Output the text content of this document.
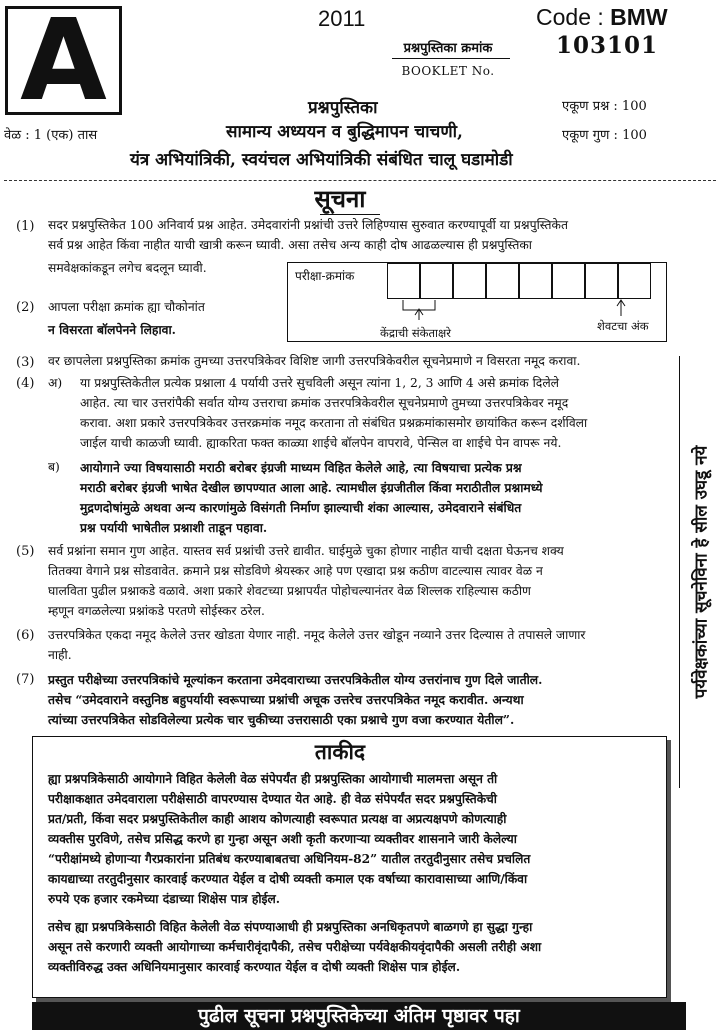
A	2011	Code : BMW
प्रश्नपुस्तिका क्रमांक	103101
BOOKLET No.
प्रश्नपुस्तिका	एकूण प्रश्न : 100
वेळ : 1 (एक) तास	सामान्य अध्ययन व बुद्धिमापन चाचणी,	एकूण गुण : 100
यंत्र अभियांत्रिकी, स्वयंचल अभियांत्रिकी संबंधित चालू घडामोडी
सूचना
(1) सदर प्रश्नपुस्तिकेत 100 अनिवार्य प्रश्न आहेत. उमेदवारांनी प्रश्नांची उत्तरे लिहिण्यास सुरुवात करण्यापूर्वी या प्रश्नपुस्तिकेत
सर्व प्रश्न आहेत किंवा नाहीत याची खात्री करून घ्यावी. असा तसेच अन्य काही दोष आढळल्यास ही प्रश्नपुस्तिका
समवेक्षकांकडून लगेच बदलून घ्यावी.
परीक्षा-क्रमांक
केंद्राची संकेताक्षरे	शेवटचा अंक
(2) आपला परीक्षा क्रमांक ह्या चौकोनांत
न विसरता बॉलपेनने लिहावा.
(3) वर छापलेला प्रश्नपुस्तिका क्रमांक तुमच्या उत्तरपत्रिकेवर विशिष्ट जागी उत्तरपत्रिकेवरील सूचनेप्रमाणे न विसरता नमूद करावा.
(4) अ) या प्रश्नपुस्तिकेतील प्रत्येक प्रश्नाला 4 पर्यायी उत्तरे सुचविली असून त्यांना 1, 2, 3 आणि 4 असे क्रमांक दिलेले
आहेत. त्या चार उत्तरांपैकी सर्वात योग्य उत्तराचा क्रमांक उत्तरपत्रिकेवरील सूचनेप्रमाणे तुमच्या उत्तरपत्रिकेवर नमूद
करावा. अशा प्रकारे उत्तरपत्रिकेवर उत्तरक्रमांक नमूद करताना तो संबंधित प्रश्नक्रमांकासमोर छायांकित करून दर्शविला
जाईल याची काळजी घ्यावी. ह्याकरिता फक्त काळ्या शाईचे बॉलपेन वापरावे, पेन्सिल वा शाईचे पेन वापरू नये.
ब) आयोगाने ज्या विषयासाठी मराठी बरोबर इंग्रजी माध्यम विहित केलेले आहे, त्या विषयाचा प्रत्येक प्रश्न
मराठी बरोबर इंग्रजी भाषेत देखील छापण्यात आला आहे. त्यामधील इंग्रजीतील किंवा मराठीतील प्रश्नामध्ये
मुद्रणदोषांमुळे अथवा अन्य कारणांमुळे विसंगती निर्माण झाल्याची शंका आल्यास, उमेदवाराने संबंधित
प्रश्न पर्यायी भाषेतील प्रश्नाशी ताडून पहावा.
(5) सर्व प्रश्नांना समान गुण आहेत. यास्तव सर्व प्रश्नांची उत्तरे द्यावीत. घाईमुळे चुका होणार नाहीत याची दक्षता घेऊनच शक्य
तितक्या वेगाने प्रश्न सोडवावेत. क्रमाने प्रश्न सोडविणे श्रेयस्कर आहे पण एखादा प्रश्न कठीण वाटल्यास त्यावर वेळ न
घालविता पुढील प्रश्नाकडे वळावे. अशा प्रकारे शेवटच्या प्रश्नापर्यंत पोहोचल्यानंतर वेळ शिल्लक राहिल्यास कठीण
म्हणून वगळलेल्या प्रश्नांकडे परतणे सोईस्कर ठरेल.
(6) उत्तरपत्रिकेत एकदा नमूद केलेले उत्तर खोडता येणार नाही. नमूद केलेले उत्तर खोडून नव्याने उत्तर दिल्यास ते तपासले जाणार
नाही.
(7) प्रस्तुत परीक्षेच्या उत्तरपत्रिकांचे मूल्यांकन करताना उमेदवाराच्या उत्तरपत्रिकेतील योग्य उत्तरांनाच गुण दिले जातील.
तसेच “उमेदवाराने वस्तुनिष्ठ बहुपर्यायी स्वरूपाच्या प्रश्नांची अचूक उत्तरेच उत्तरपत्रिकेत नमूद करावीत. अन्यथा
त्यांच्या उत्तरपत्रिकेत सोडविलेल्या प्रत्येक चार चुकीच्या उत्तरासाठी एका प्रश्नाचे गुण वजा करण्यात येतील”.
पर्यवेक्षकांच्या सूचनेविना हे सील उघडू नये
ताकीद
ह्या प्रश्नपत्रिकेसाठी आयोगाने विहित केलेली वेळ संपेपर्यंत ही प्रश्नपुस्तिका आयोगाची मालमत्ता असून ती
परीक्षाकक्षात उमेदवाराला परीक्षेसाठी वापरण्यास देण्यात येत आहे. ही वेळ संपेपर्यंत सदर प्रश्नपुस्तिकेची
प्रत/प्रती, किंवा सदर प्रश्नपुस्तिकेतील काही आशय कोणत्याही स्वरूपात प्रत्यक्ष वा अप्रत्यक्षपणे कोणत्याही
व्यक्तीस पुरविणे, तसेच प्रसिद्ध करणे हा गुन्हा असून अशी कृती करणाऱ्या व्यक्तीवर शासनाने जारी केलेल्या
“परीक्षांमध्ये होणाऱ्या गैरप्रकारांना प्रतिबंध करण्याबाबतचा अधिनियम-82” यातील तरतुदीनुसार तसेच प्रचलित
कायद्याच्या तरतुदीनुसार कारवाई करण्यात येईल व दोषी व्यक्ती कमाल एक वर्षाच्या कारावासाच्या आणि/किंवा
रुपये एक हजार रकमेच्या दंडाच्या शिक्षेस पात्र होईल.
तसेच ह्या प्रश्नपत्रिकेसाठी विहित केलेली वेळ संपण्याआधी ही प्रश्नपुस्तिका अनधिकृतपणे बाळगणे हा सुद्धा गुन्हा
असून तसे करणारी व्यक्ती आयोगाच्या कर्मचारीवृंदापैकी, तसेच परीक्षेच्या पर्यवेक्षकीयवृंदापैकी असली तरीही अशा
व्यक्तीविरुद्ध उक्त अधिनियमानुसार कारवाई करण्यात येईल व दोषी व्यक्ती शिक्षेस पात्र होईल.
पुढील सूचना प्रश्नपुस्तिकेच्या अंतिम पृष्ठावर पहा
